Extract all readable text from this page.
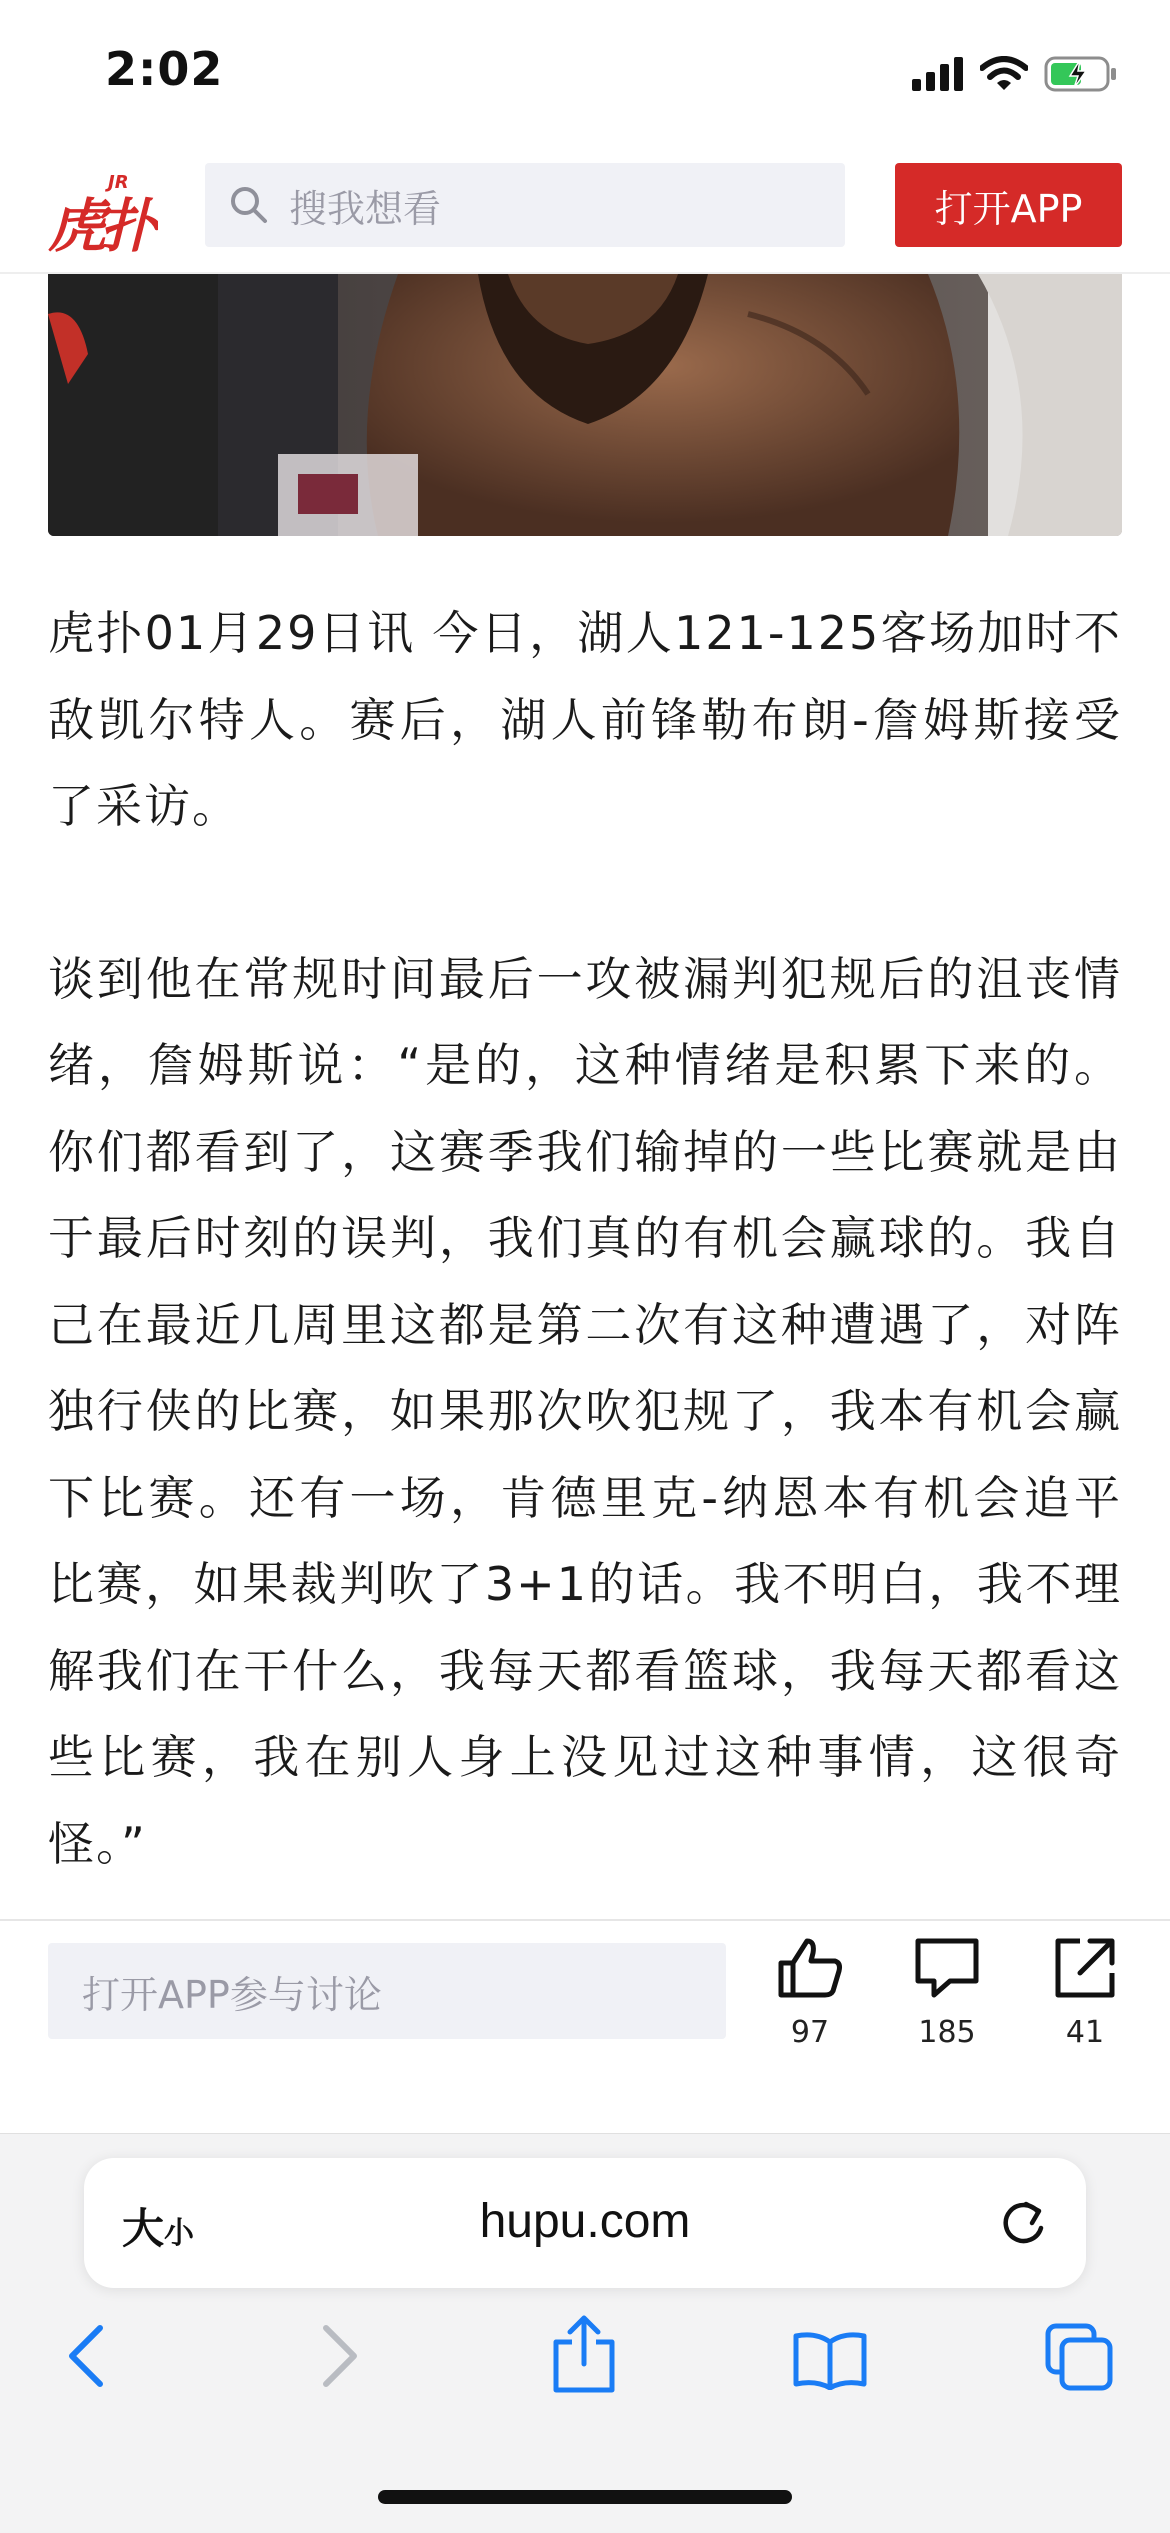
2:02
JR
虎扑	搜我想看	打开APP

虎扑01月29日讯 今日，湖人121-125客场加时不敌凯尔特人。赛后，湖人前锋勒布朗-詹姆斯接受了采访。

谈到他在常规时间最后一攻被漏判犯规后的沮丧情绪，詹姆斯说：“是的，这种情绪是积累下来的。你们都看到了，这赛季我们输掉的一些比赛就是由于最后时刻的误判，我们真的有机会赢球的。我自己在最近几周里这都是第二次有这种遭遇了，对阵独行侠的比赛，如果那次吹犯规了，我本有机会赢下比赛。还有一场，肯德里克-纳恩本有机会追平比赛，如果裁判吹了3+1的话。我不明白，我不理解我们在干什么，我每天都看篮球，我每天都看这些比赛，我在别人身上没见过这种事情，这很奇怪。”

打开APP参与讨论
97	185	41
大小	hupu.com
